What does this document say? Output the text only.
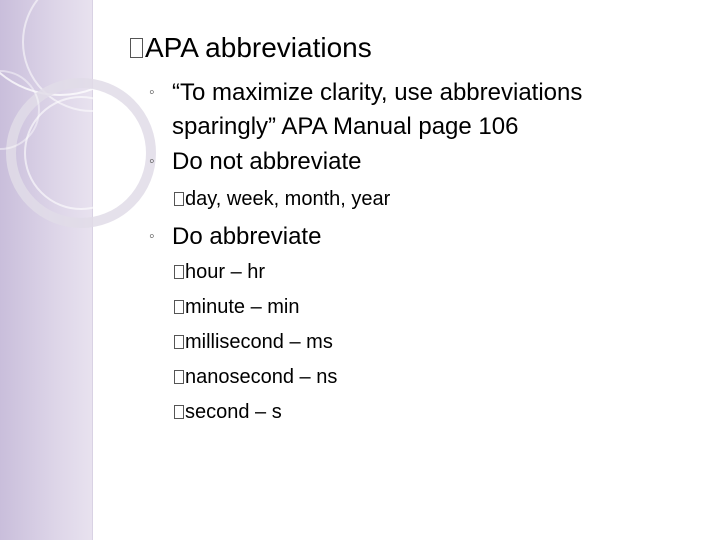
APA abbreviations
◦ “To maximize clarity, use abbreviations
sparingly” APA Manual page 106
◦ Do not abbreviate
day, week, month, year
◦ Do abbreviate
hour – hr
minute – min
millisecond – ms
nanosecond – ns
second – s
